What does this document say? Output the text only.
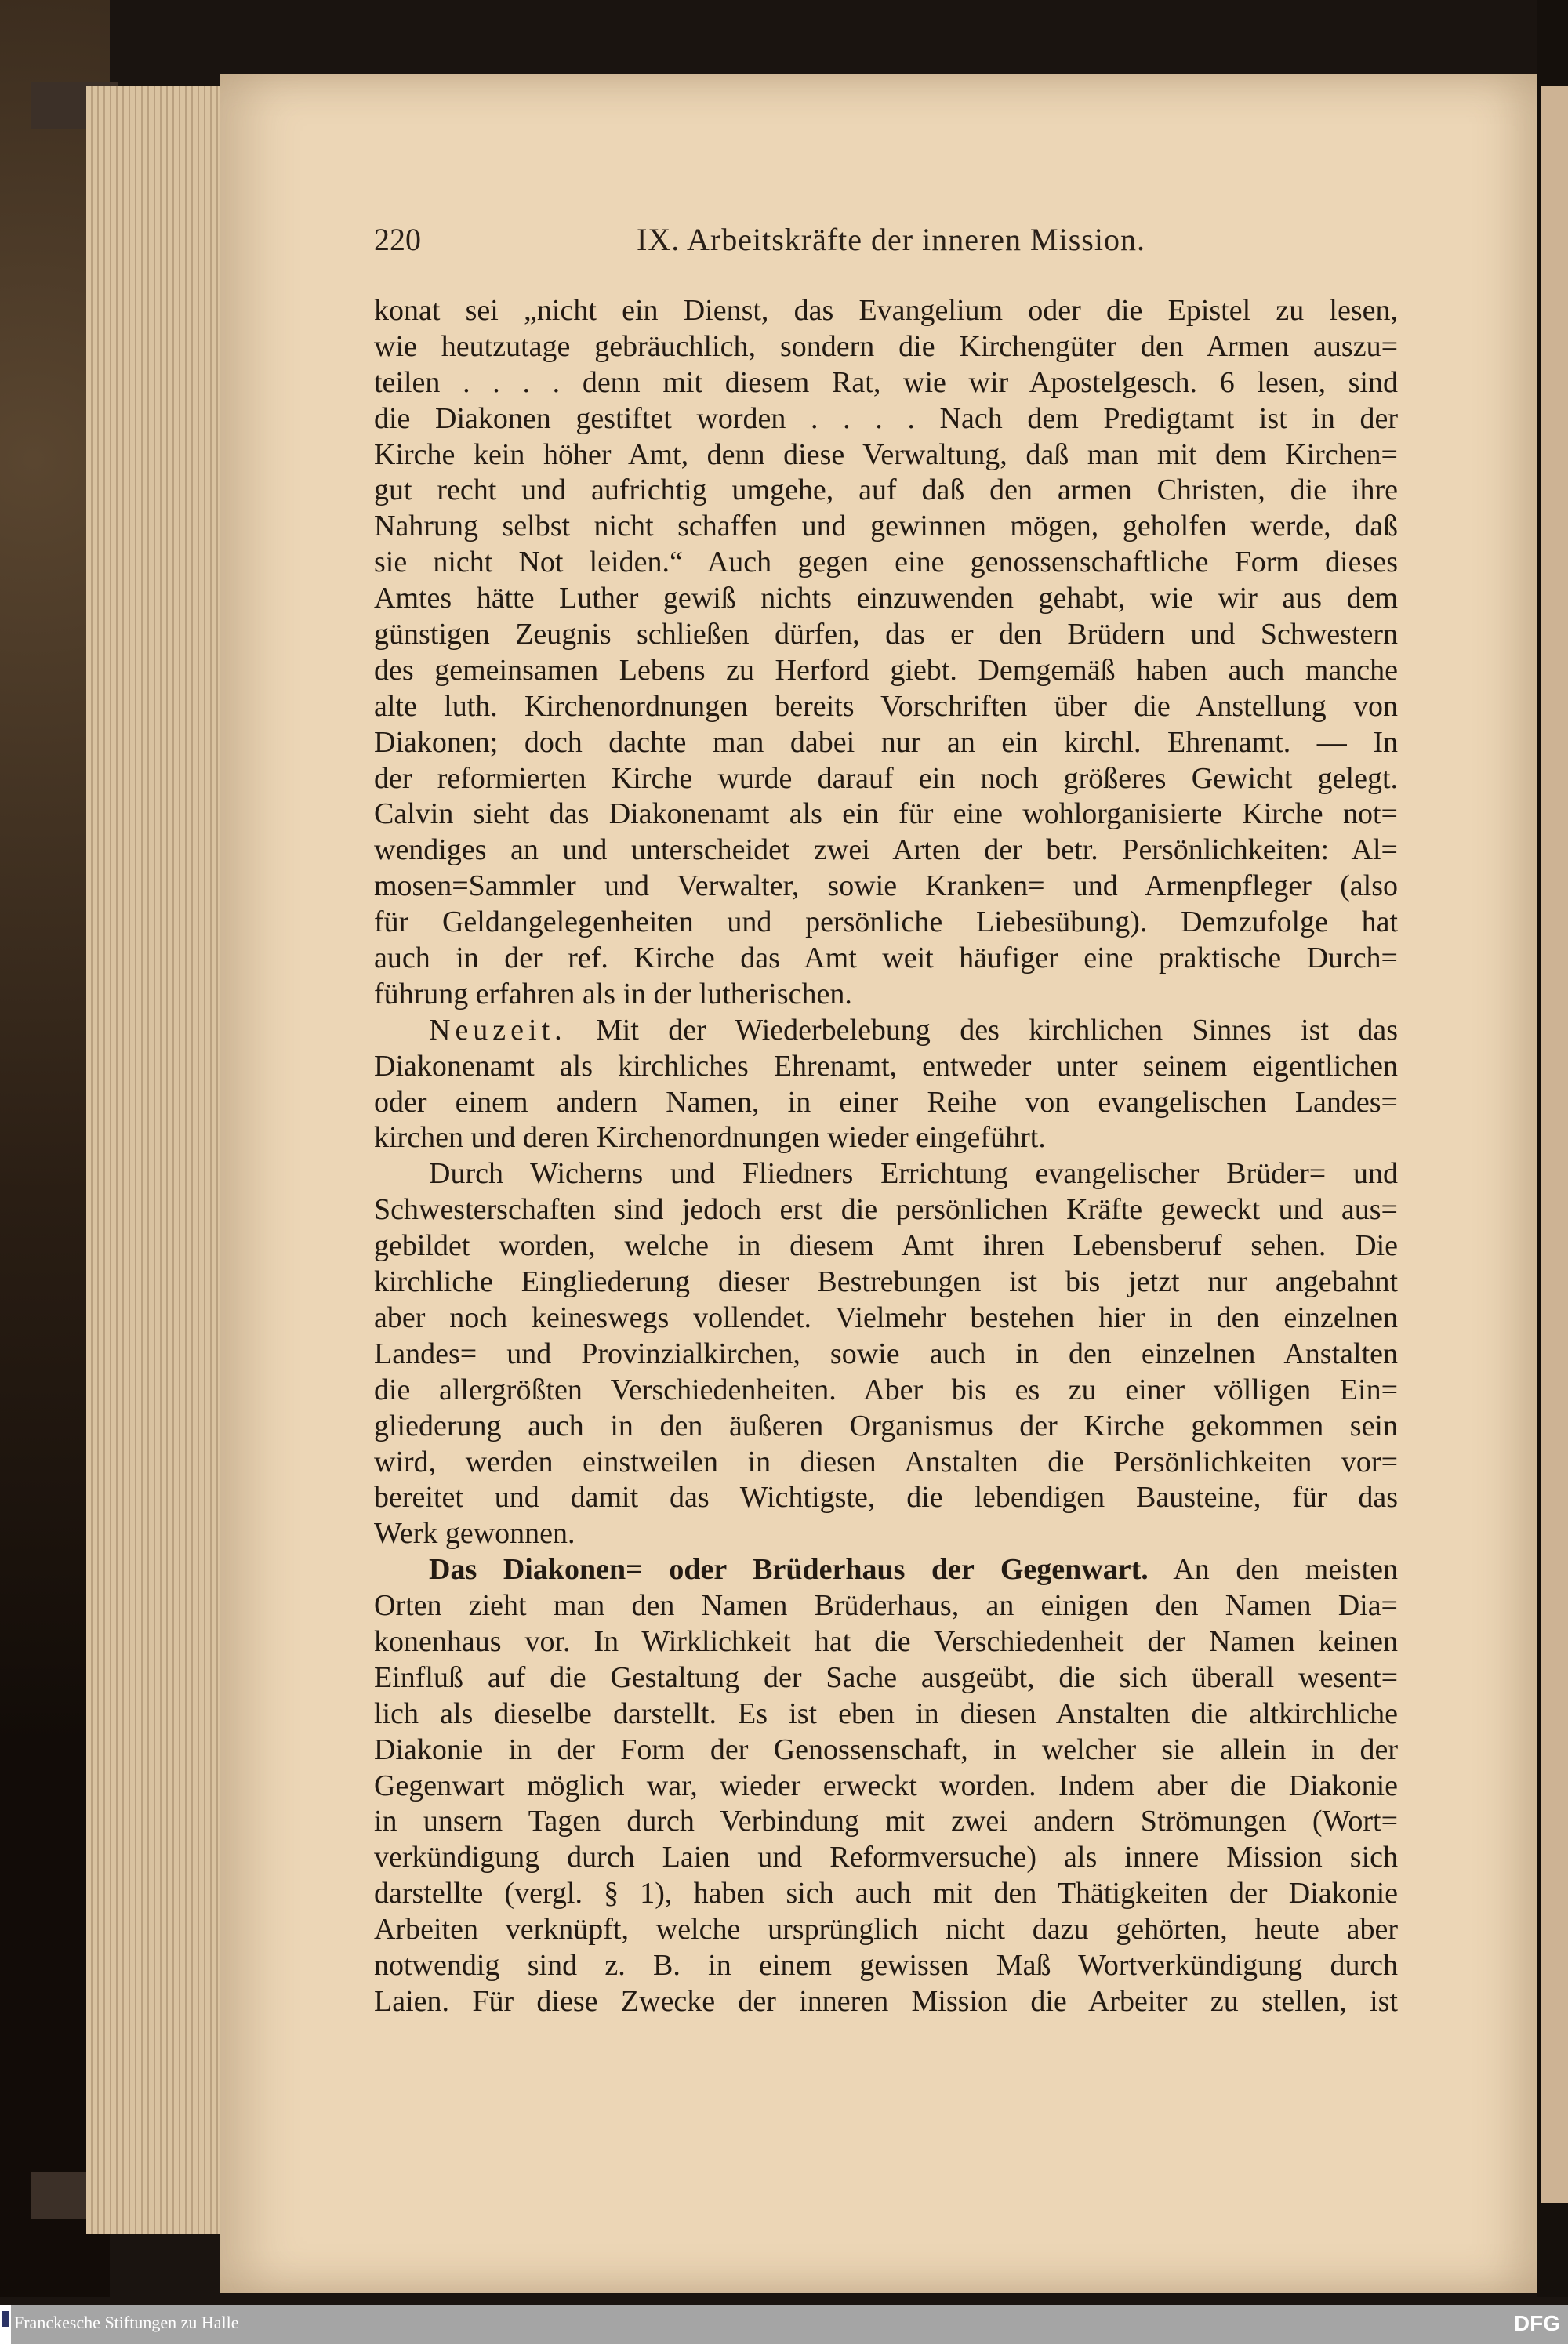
220	IX. Arbeitskräfte der inneren Mission.
konat sei „nicht ein Dienst, das Evangelium oder die Epistel zu lesen,
wie heutzutage gebräuchlich, sondern die Kirchengüter den Armen auszu=
teilen . . . . denn mit diesem Rat, wie wir Apostelgesch. 6 lesen, sind
die Diakonen gestiftet worden . . . . Nach dem Predigtamt ist in der
Kirche kein höher Amt, denn diese Verwaltung, daß man mit dem Kirchen=
gut recht und aufrichtig umgehe, auf daß den armen Christen, die ihre
Nahrung selbst nicht schaffen und gewinnen mögen, geholfen werde, daß
sie nicht Not leiden.“ Auch gegen eine genossenschaftliche Form dieses
Amtes hätte Luther gewiß nichts einzuwenden gehabt, wie wir aus dem
günstigen Zeugnis schließen dürfen, das er den Brüdern und Schwestern
des gemeinsamen Lebens zu Herford giebt. Demgemäß haben auch manche
alte luth. Kirchenordnungen bereits Vorschriften über die Anstellung von
Diakonen; doch dachte man dabei nur an ein kirchl. Ehrenamt. — In
der reformierten Kirche wurde darauf ein noch größeres Gewicht gelegt.
Calvin sieht das Diakonenamt als ein für eine wohlorganisierte Kirche not=
wendiges an und unterscheidet zwei Arten der betr. Persönlichkeiten: Al=
mosen=Sammler und Verwalter, sowie Kranken= und Armenpfleger (also
für Geldangelegenheiten und persönliche Liebesübung). Demzufolge hat
auch in der ref. Kirche das Amt weit häufiger eine praktische Durch=
führung erfahren als in der lutherischen.
Neuzeit. Mit der Wiederbelebung des kirchlichen Sinnes ist das
Diakonenamt als kirchliches Ehrenamt, entweder unter seinem eigentlichen
oder einem andern Namen, in einer Reihe von evangelischen Landes=
kirchen und deren Kirchenordnungen wieder eingeführt.
Durch Wicherns und Fliedners Errichtung evangelischer Brüder= und
Schwesterschaften sind jedoch erst die persönlichen Kräfte geweckt und aus=
gebildet worden, welche in diesem Amt ihren Lebensberuf sehen. Die
kirchliche Eingliederung dieser Bestrebungen ist bis jetzt nur angebahnt
aber noch keineswegs vollendet. Vielmehr bestehen hier in den einzelnen
Landes= und Provinzialkirchen, sowie auch in den einzelnen Anstalten
die allergrößten Verschiedenheiten. Aber bis es zu einer völligen Ein=
gliederung auch in den äußeren Organismus der Kirche gekommen sein
wird, werden einstweilen in diesen Anstalten die Persönlichkeiten vor=
bereitet und damit das Wichtigste, die lebendigen Bausteine, für das
Werk gewonnen.
Das Diakonen= oder Brüderhaus der Gegenwart. An den meisten
Orten zieht man den Namen Brüderhaus, an einigen den Namen Dia=
konenhaus vor. In Wirklichkeit hat die Verschiedenheit der Namen keinen
Einfluß auf die Gestaltung der Sache ausgeübt, die sich überall wesent=
lich als dieselbe darstellt. Es ist eben in diesen Anstalten die altkirchliche
Diakonie in der Form der Genossenschaft, in welcher sie allein in der
Gegenwart möglich war, wieder erweckt worden. Indem aber die Diakonie
in unsern Tagen durch Verbindung mit zwei andern Strömungen (Wort=
verkündigung durch Laien und Reformversuche) als innere Mission sich
darstellte (vergl. § 1), haben sich auch mit den Thätigkeiten der Diakonie
Arbeiten verknüpft, welche ursprünglich nicht dazu gehörten, heute aber
notwendig sind z. B. in einem gewissen Maß Wortverkündigung durch
Laien. Für diese Zwecke der inneren Mission die Arbeiter zu stellen, ist
Franckesche Stiftungen zu Halle	DFG
